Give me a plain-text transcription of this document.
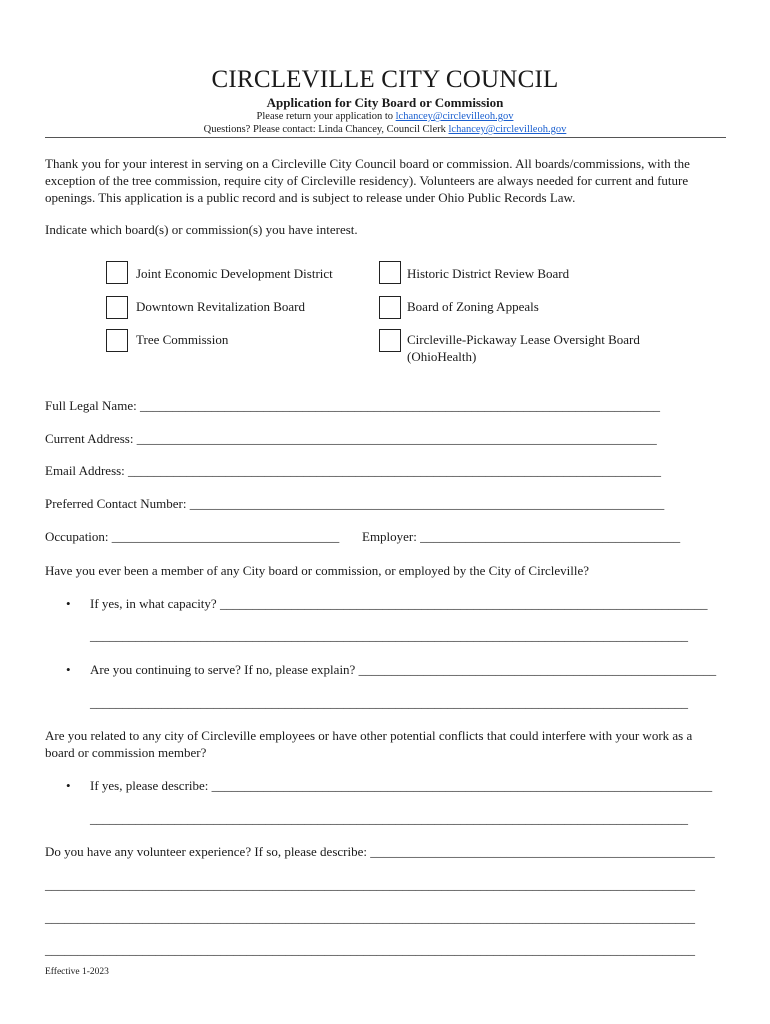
CIRCLEVILLE CITY COUNCIL
Application for City Board or Commission
Please return your application to lchancey@circlevilleoh.gov
Questions? Please contact: Linda Chancey, Council Clerk lchancey@circlevilleoh.gov
Thank you for your interest in serving on a Circleville City Council board or commission. All boards/commissions, with the exception of the tree commission, require city of Circleville residency). Volunteers are always needed for current and future openings. This application is a public record and is subject to release under Ohio Public Records Law.
Indicate which board(s) or commission(s) you have interest.
Joint Economic Development District	Historic District Review Board
Downtown Revitalization Board	Board of Zoning Appeals
Tree Commission	Circleville-Pickaway Lease Oversight Board
(OhioHealth)
Full Legal Name: ________________________________________________________________________________
Current Address: ________________________________________________________________________________
Email Address: __________________________________________________________________________________
Preferred Contact Number: _________________________________________________________________________
Occupation: ___________________________________ Employer: ________________________________________
Have you ever been a member of any City board or commission, or employed by the City of Circleville?
• If yes, in what capacity? ___________________________________________________________________________
____________________________________________________________________________________________
• Are you continuing to serve? If no, please explain? _______________________________________________________
____________________________________________________________________________________________
Are you related to any city of Circleville employees or have other potential conflicts that could interfere with your work as a board or commission member?
• If yes, please describe: _____________________________________________________________________________
____________________________________________________________________________________________
Do you have any volunteer experience? If so, please describe: _____________________________________________________
____________________________________________________________________________________________________
____________________________________________________________________________________________________
____________________________________________________________________________________________________
Effective 1-2023
